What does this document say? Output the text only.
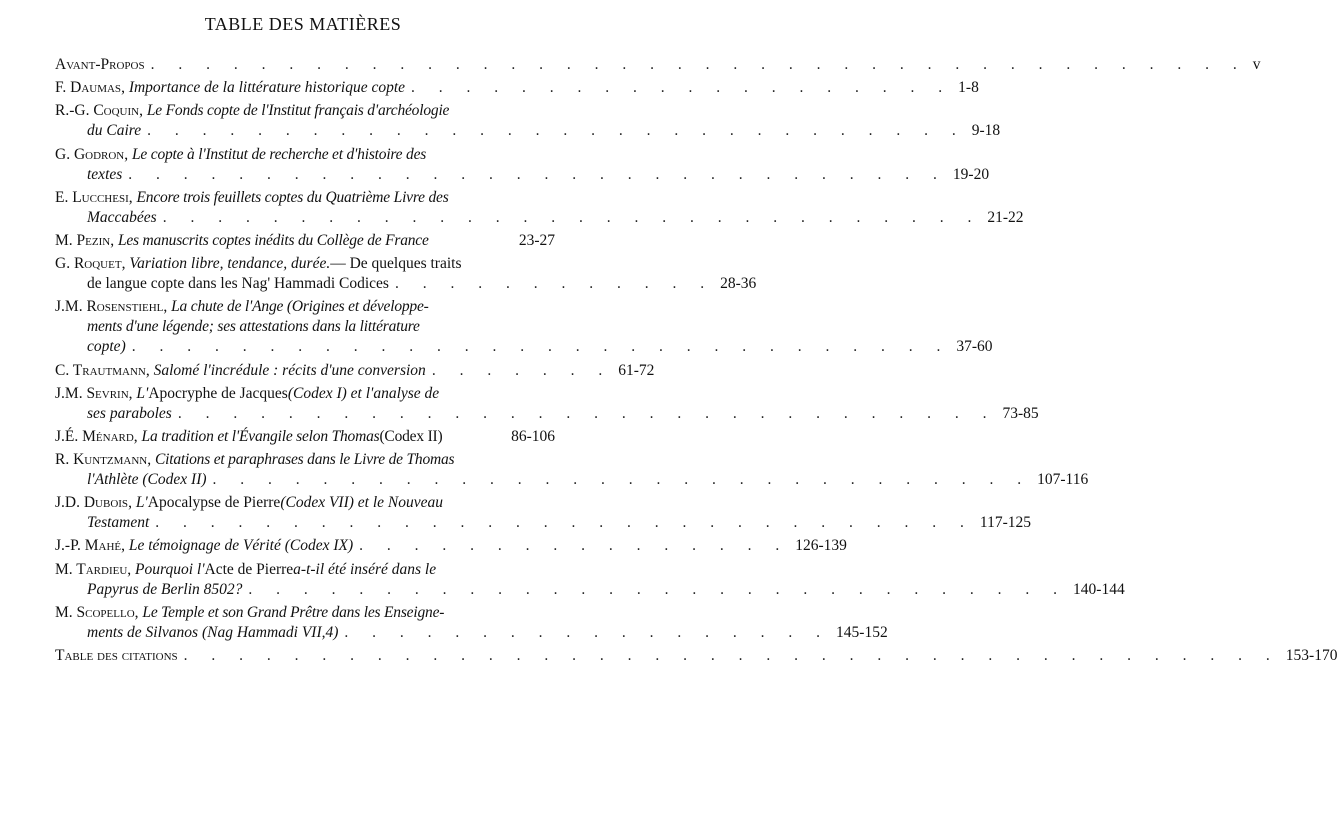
TABLE DES MATIÈRES
Avant-Propos . . . . . . . . . . . . . . . . . . . . . . . . . . . . . . . . . . . . . . . . v
F. Daumas , Importance de la littérature historique copte . . . . . . . . . . . . . . . . . . . . 1-8
R.-G. Coquin , Le Fonds copte de l'Institut français d'archéologie
du Caire . . . . . . . . . . . . . . . . . . . . . . . . . . . . . . 9-18
G. Godron , Le copte à l'Institut de recherche et d'histoire des
textes . . . . . . . . . . . . . . . . . . . . . . . . . . . . . . 19-20
E. Lucchesi , Encore trois feuillets coptes du Quatrième Livre des
Maccabées . . . . . . . . . . . . . . . . . . . . . . . . . . . . . . 21-22
M. Pezin , Les manuscrits coptes inédits du Collège de France	23-27
G. Roquet , Variation libre, tendance, durée. — De quelques traits
de langue copte dans les Nag' Hammadi Codices . . . . . . . . . . . . 28-36
J.M. Rosenstiehl , La chute de l'Ange (Origines et développe-
ments d'une légende; ses attestations dans la littérature
copte) . . . . . . . . . . . . . . . . . . . . . . . . . . . . . . 37-60
C. Trautmann , Salomé l'incrédule : récits d'une conversion . . . . . . . 61-72
J.M. Sevrin , L' Apocryphe de Jacques (Codex I) et l'analyse de
ses paraboles . . . . . . . . . . . . . . . . . . . . . . . . . . . . . . 73-85
J.É. Ménard , La tradition et l'Évangile selon Thomas (Codex II)	86-106
R. Kuntzmann , Citations et paraphrases dans le Livre de Thomas
l'Athlète (Codex II) . . . . . . . . . . . . . . . . . . . . . . . . . . . . . . 107-116
J.D. Dubois , L' Apocalypse de Pierre (Codex VII) et le Nouveau
Testament . . . . . . . . . . . . . . . . . . . . . . . . . . . . . . 117-125
J.-P. Mahé , Le témoignage de Vérité (Codex IX) . . . . . . . . . . . . . . . . 126-139
M. Tardieu , Pourquoi l' Acte de Pierre a-t-il été inséré dans le
Papyrus de Berlin 8502? . . . . . . . . . . . . . . . . . . . . . . . . . . . . . . 140-144
M. Scopello , Le Temple et son Grand Prêtre dans les Enseigne-
ments de Silvanos (Nag Hammadi VII,4) . . . . . . . . . . . . . . . . . . 145-152
Table des citations . . . . . . . . . . . . . . . . . . . . . . . . . . . . . . . . . . . . . . . . 153-170
